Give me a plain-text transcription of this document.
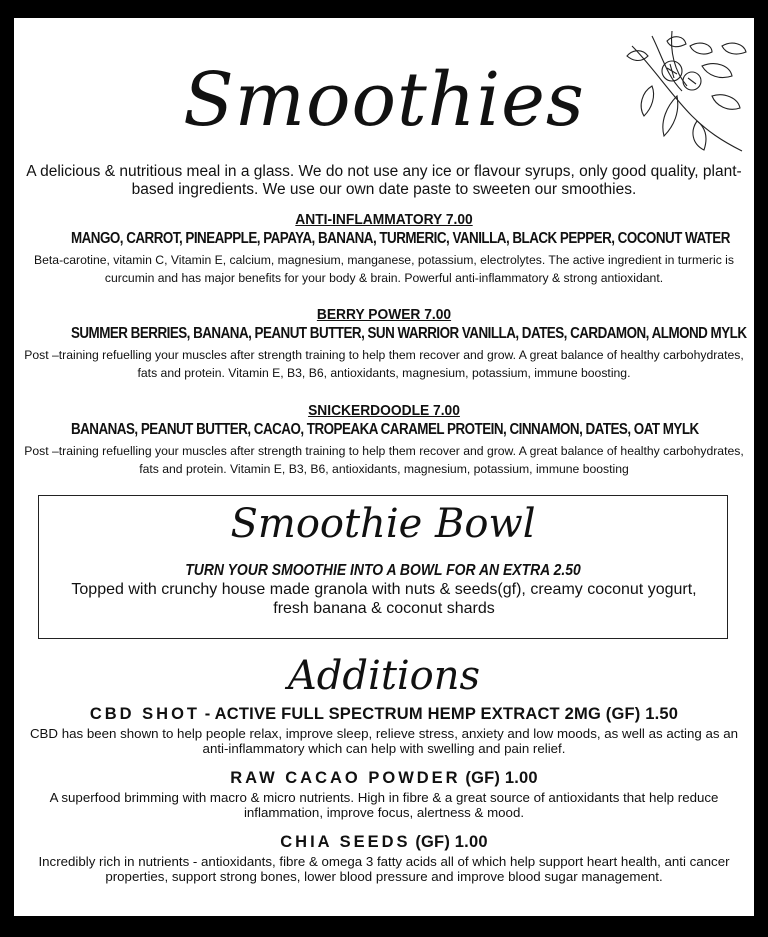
Smoothies
A delicious & nutritious meal in a glass. We do not use any ice or flavour syrups, only good quality, plant-based ingredients. We use our own date paste to sweeten our smoothies.
ANTI-INFLAMMATORY 7.00
MANGO, CARROT, PINEAPPLE, PAPAYA, BANANA, TURMERIC, VANILLA, BLACK PEPPER, COCONUT WATER
Beta-carotine, vitamin C, Vitamin E, calcium, magnesium, manganese, potassium, electrolytes. The active ingredient in turmeric is curcumin and has major benefits for your body & brain. Powerful anti-inflammatory & strong antioxidant.
BERRY POWER 7.00
SUMMER BERRIES, BANANA, PEANUT BUTTER, SUN WARRIOR VANILLA, DATES, CARDAMON, ALMOND MYLK
Post –training refuelling your muscles after strength training to help them recover and grow. A great balance of healthy carbohydrates, fats and protein. Vitamin E, B3, B6, antioxidants, magnesium, potassium, immune boosting.
SNICKERDOODLE 7.00
BANANAS, PEANUT BUTTER, CACAO, TROPEAKA CARAMEL PROTEIN, CINNAMON, DATES, OAT MYLK
Post –training refuelling your muscles after strength training to help them recover and grow. A great balance of healthy carbohydrates, fats and protein. Vitamin E, B3, B6, antioxidants, magnesium, potassium, immune boosting
Smoothie Bowl
TURN YOUR SMOOTHIE INTO A BOWL FOR AN EXTRA 2.50
Topped with crunchy house made granola with nuts & seeds(gf), creamy coconut yogurt, fresh banana & coconut shards
Additions
CBD SHOT - ACTIVE FULL SPECTRUM HEMP EXTRACT 2MG (GF) 1.50
CBD has been shown to help people relax, improve sleep, relieve stress, anxiety and low moods, as well as acting as an anti-inflammatory which can help with swelling and pain relief.
RAW CACAO POWDER (GF) 1.00
A superfood brimming with macro & micro nutrients. High in fibre & a great source of antioxidants that help reduce inflammation, improve focus, alertness & mood.
CHIA SEEDS (GF) 1.00
Incredibly rich in nutrients - antioxidants, fibre & omega 3 fatty acids all of which help support heart health, anti cancer properties, support strong bones, lower blood pressure and improve blood sugar management.
